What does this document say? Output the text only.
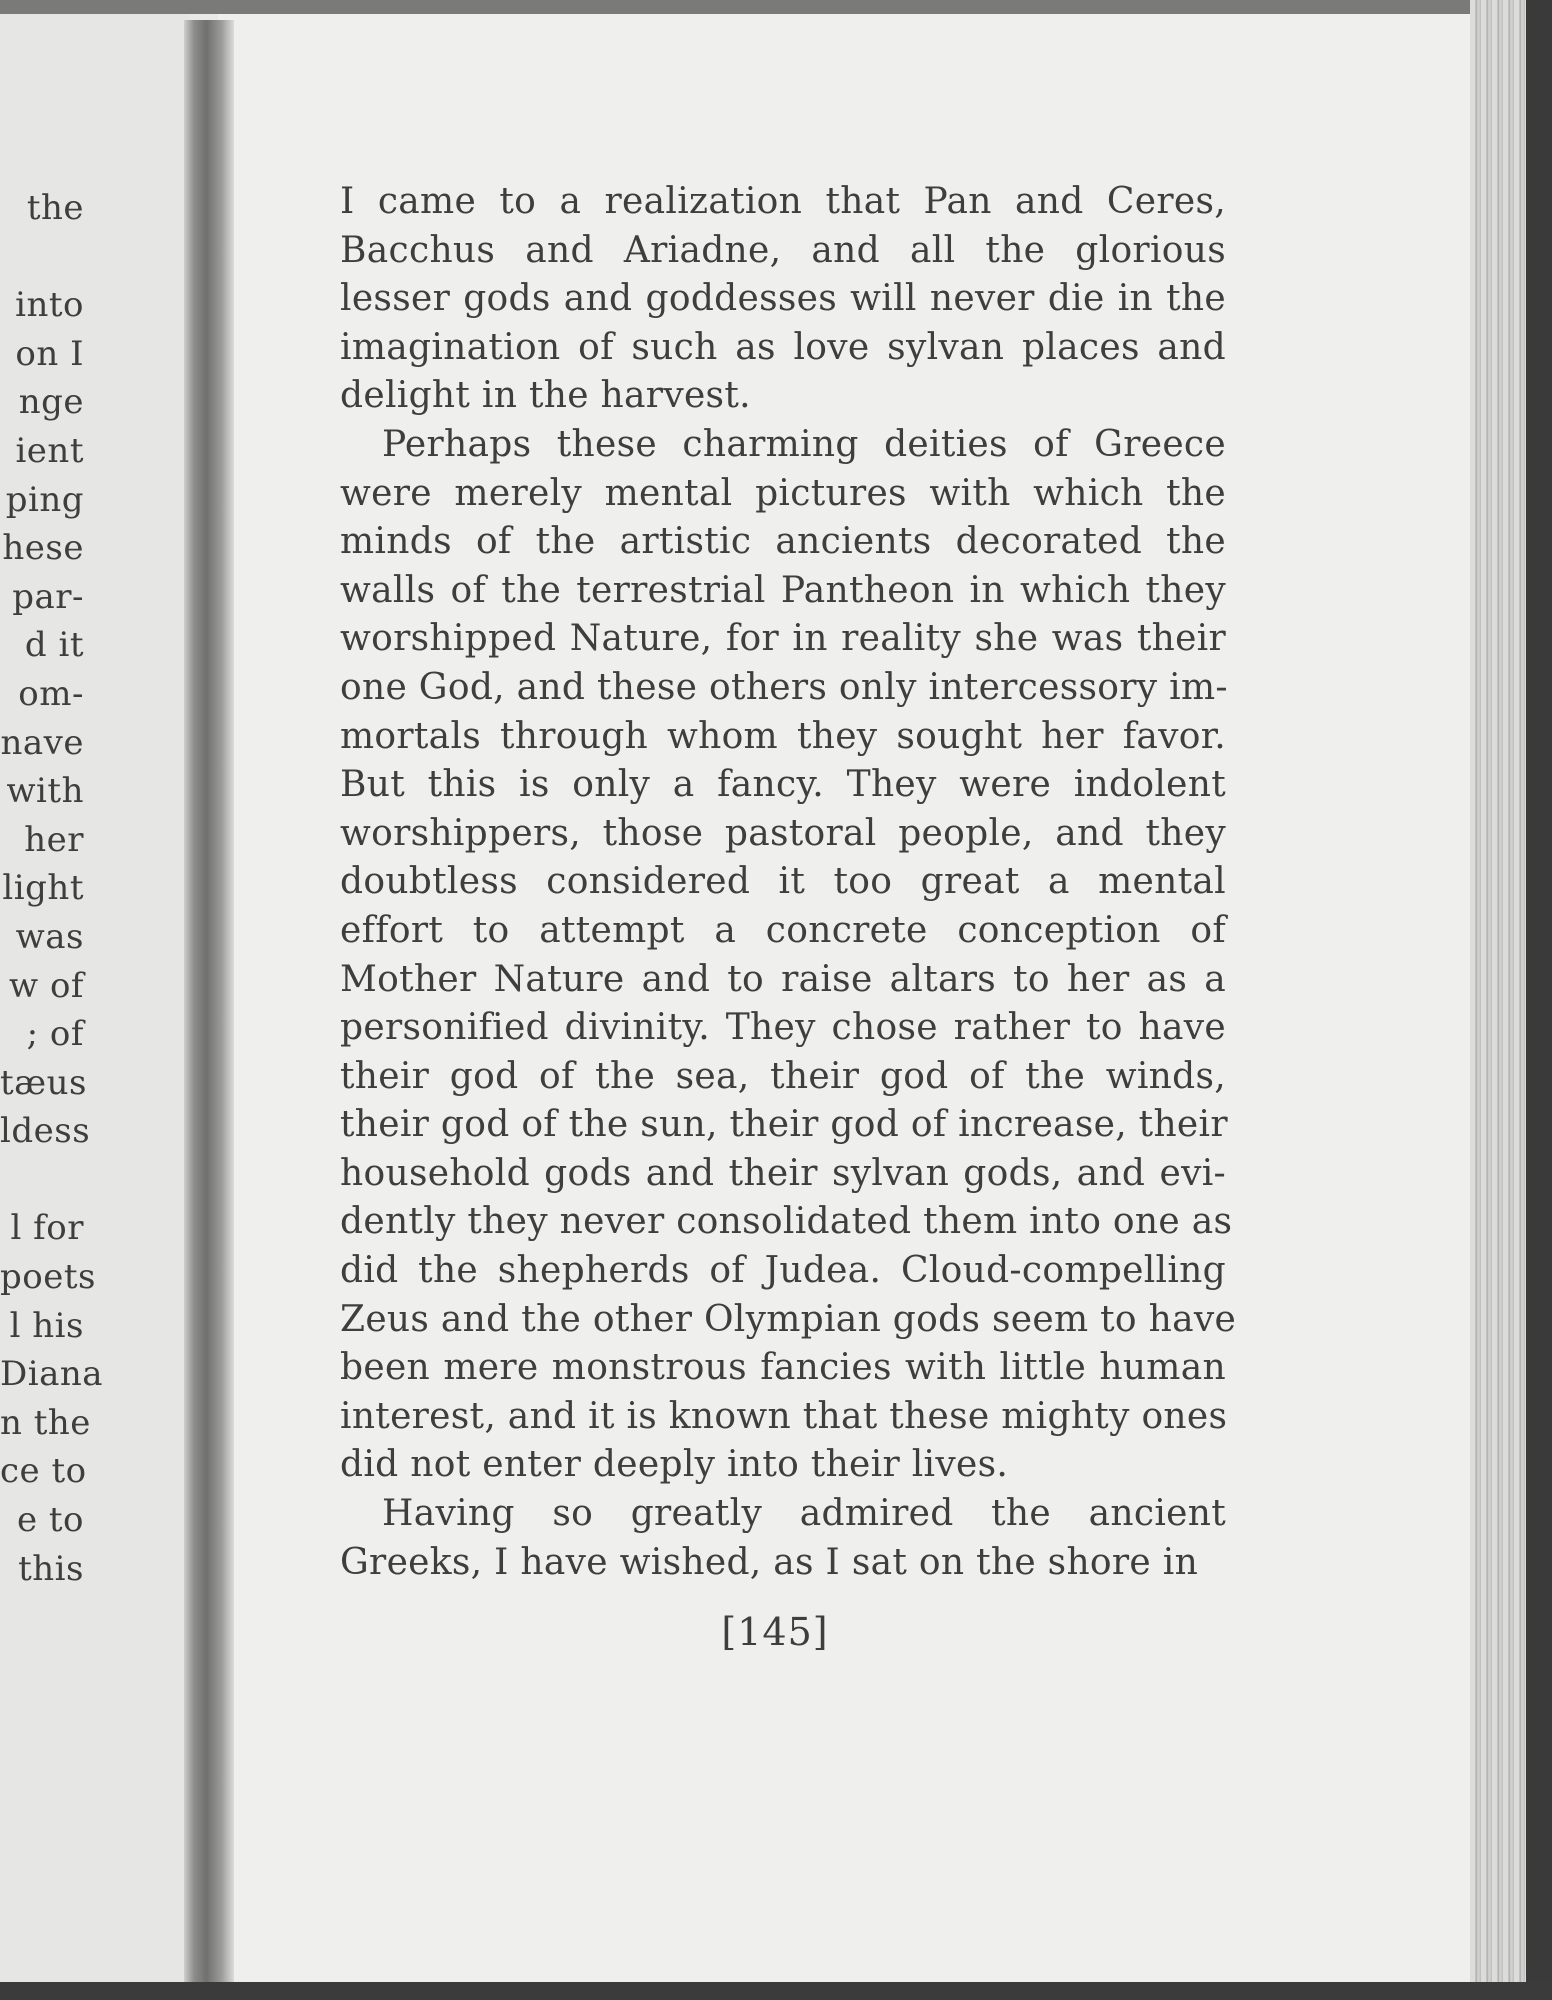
the
into
on I
nge
ient
ping
hese
par-
d it
om-
nave
with
her
light
was
w of
; of
tæus
ldess
l for
poets
l his
Diana
n the
ce to
e to
this
I came to a realization that Pan and Ceres,
Bacchus and Ariadne, and all the glorious
lesser gods and goddesses will never die in the
imagination of such as love sylvan places and
delight in the harvest.
Perhaps these charming deities of Greece
were merely mental pictures with which the
minds of the artistic ancients decorated the
walls of the terrestrial Pantheon in which they
worshipped Nature, for in reality she was their
one God, and these others only intercessory im-
mortals through whom they sought her favor.
But this is only a fancy. They were indolent
worshippers, those pastoral people, and they
doubtless considered it too great a mental
effort to attempt a concrete conception of
Mother Nature and to raise altars to her as a
personified divinity. They chose rather to have
their god of the sea, their god of the winds,
their god of the sun, their god of increase, their
household gods and their sylvan gods, and evi-
dently they never consolidated them into one as
did the shepherds of Judea. Cloud-compelling
Zeus and the other Olympian gods seem to have
been mere monstrous fancies with little human
interest, and it is known that these mighty ones
did not enter deeply into their lives.
Having so greatly admired the ancient
Greeks, I have wished, as I sat on the shore in
[145]
